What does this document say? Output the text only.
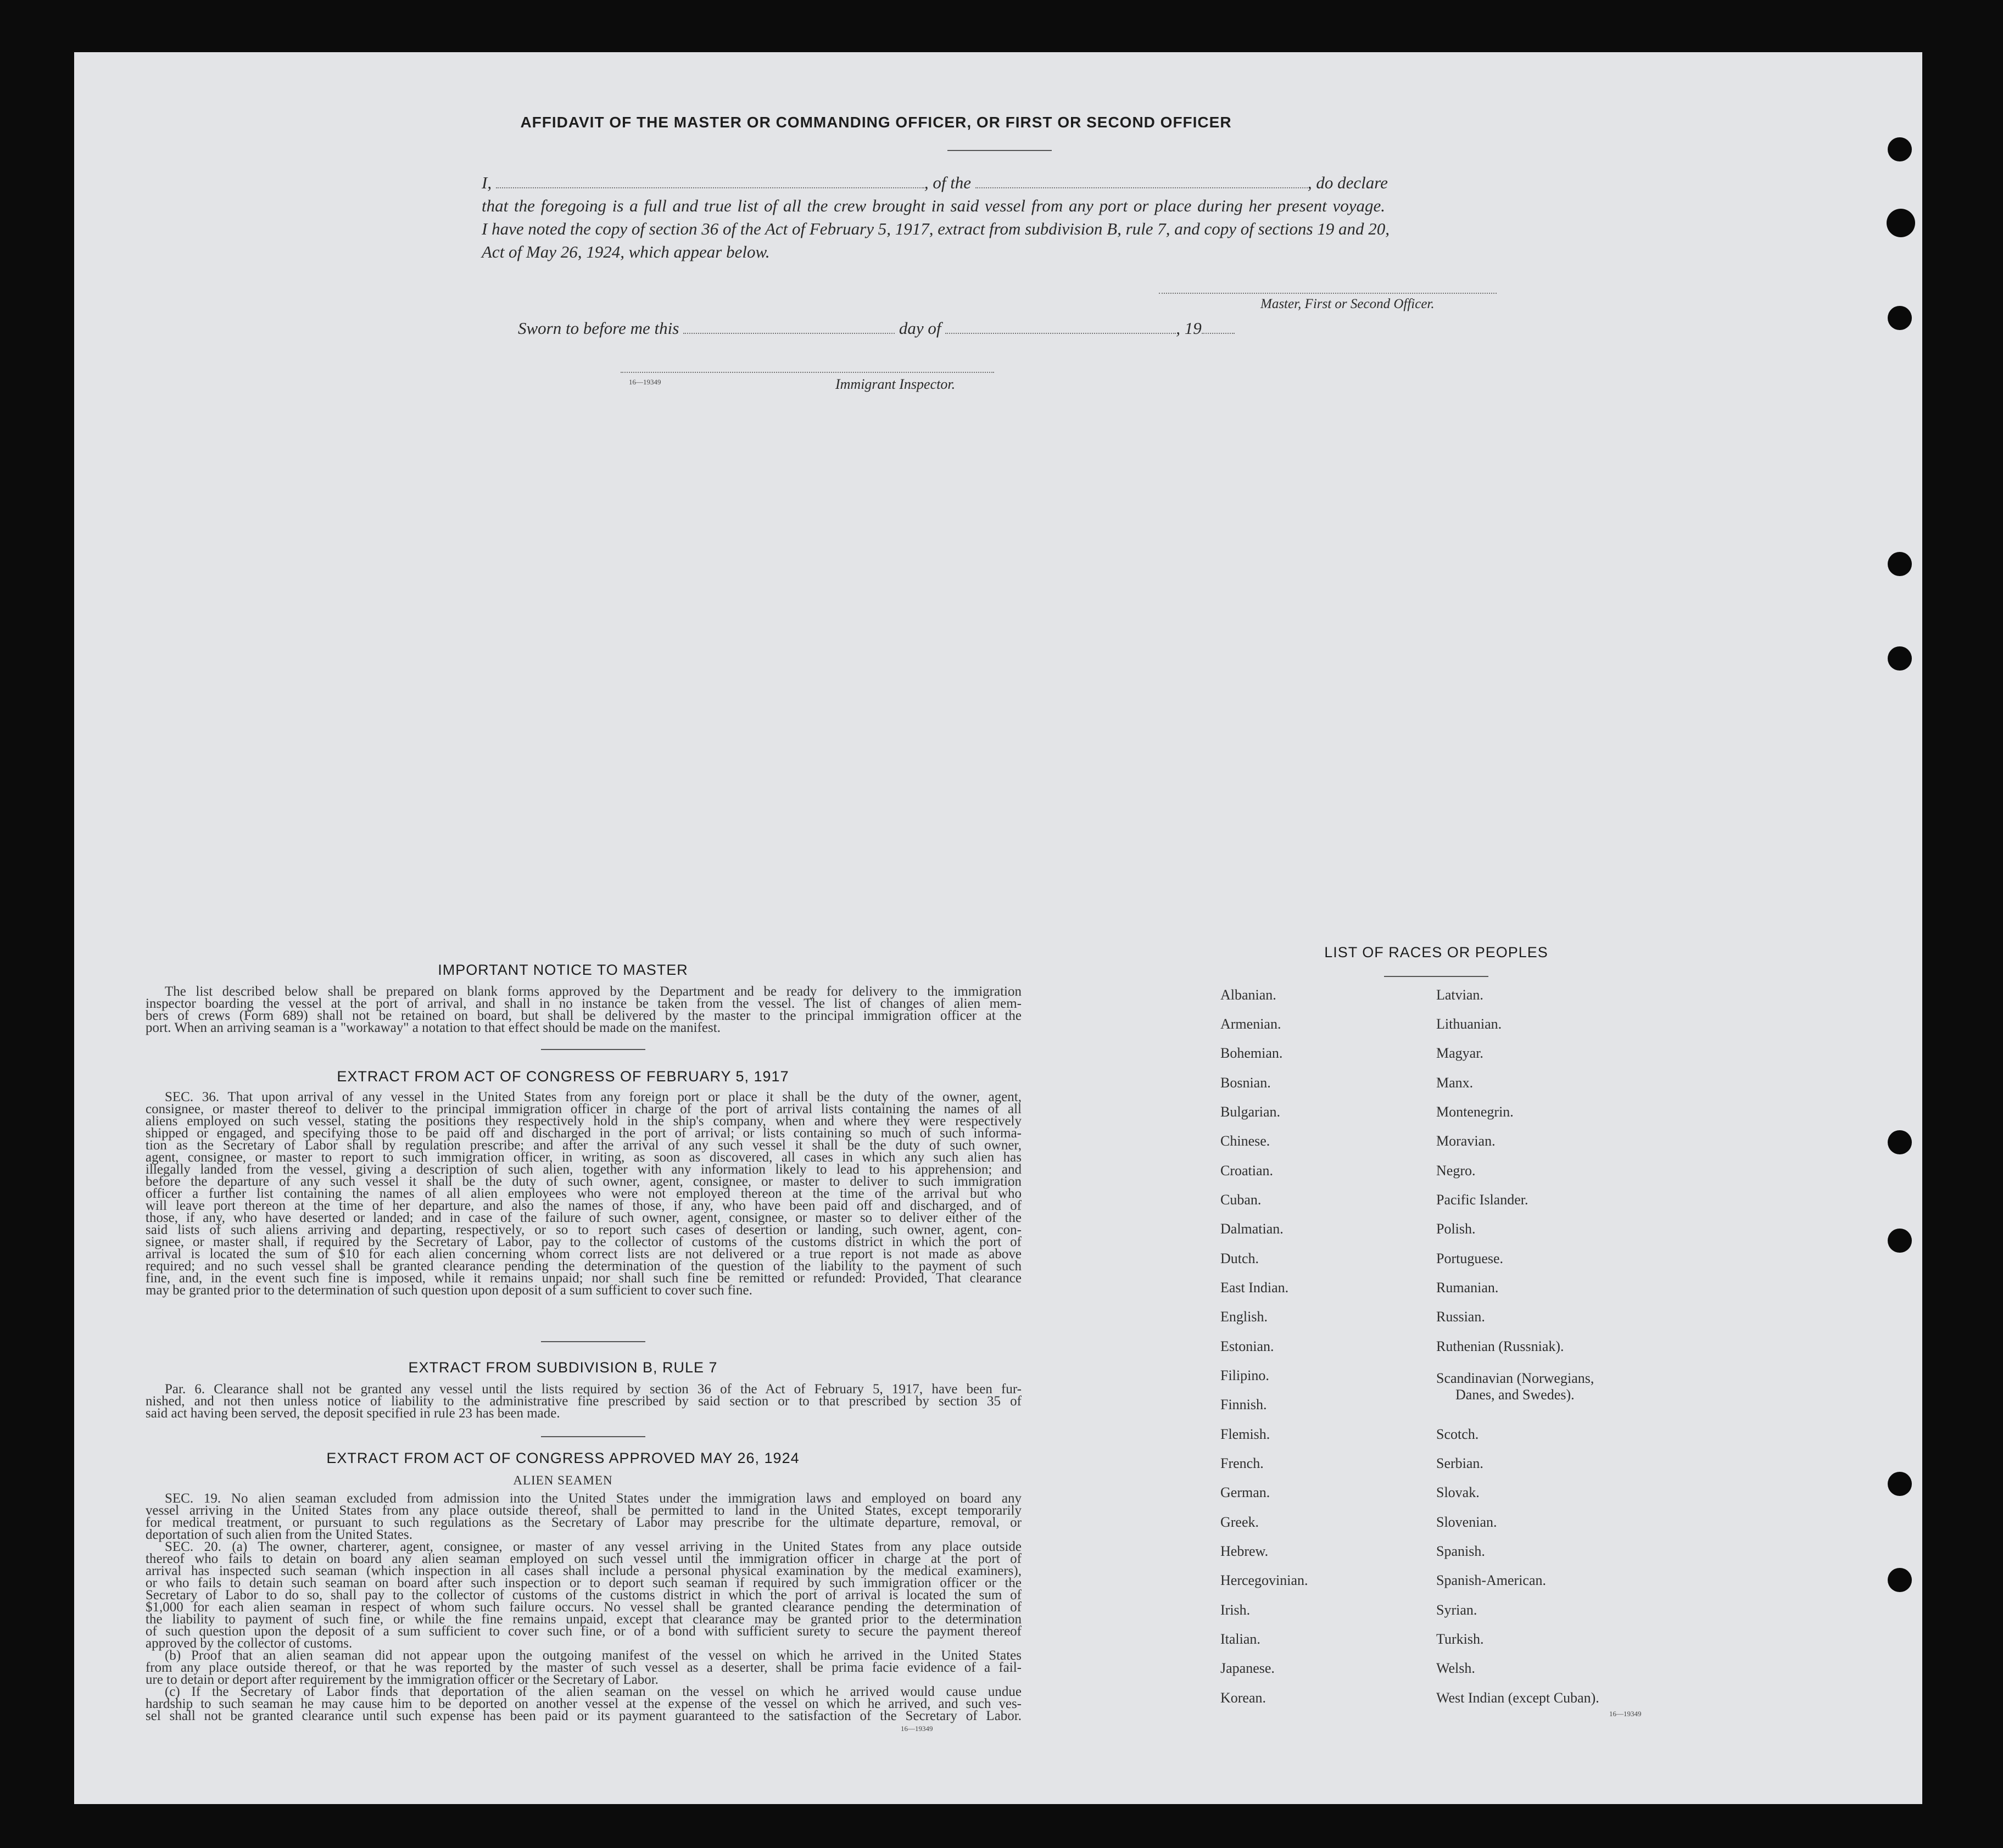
AFFIDAVIT OF THE MASTER OR COMMANDING OFFICER, OR FIRST OR SECOND OFFICER
I,	, of the	, do declare
that the foregoing is a full and true list of all the crew brought in said vessel from any port or place during her present voyage.
I have noted the copy of section 36 of the Act of February 5, 1917, extract from subdivision B, rule 7, and copy of sections 19 and 20,
Act of May 26, 1924, which appear below.
Master, First or Second Officer.
Sworn to before me this	day of	, 19
16—19349	Immigrant Inspector.
IMPORTANT NOTICE TO MASTER
The list described below shall be prepared on blank forms approved by the Department and be ready for delivery to the immigration
inspector boarding the vessel at the port of arrival, and shall in no instance be taken from the vessel. The list of changes of alien mem-
bers of crews (Form 689) shall not be retained on board, but shall be delivered by the master to the principal immigration officer at the
port. When an arriving seaman is a "workaway" a notation to that effect should be made on the manifest.
EXTRACT FROM ACT OF CONGRESS OF FEBRUARY 5, 1917
SEC. 36. That upon arrival of any vessel in the United States from any foreign port or place it shall be the duty of the owner, agent,
consignee, or master thereof to deliver to the principal immigration officer in charge of the port of arrival lists containing the names of all
aliens employed on such vessel, stating the positions they respectively hold in the ship's company, when and where they were respectively
shipped or engaged, and specifying those to be paid off and discharged in the port of arrival; or lists containing so much of such informa-
tion as the Secretary of Labor shall by regulation prescribe; and after the arrival of any such vessel it shall be the duty of such owner,
agent, consignee, or master to report to such immigration officer, in writing, as soon as discovered, all cases in which any such alien has
illegally landed from the vessel, giving a description of such alien, together with any information likely to lead to his apprehension; and
before the departure of any such vessel it shall be the duty of such owner, agent, consignee, or master to deliver to such immigration
officer a further list containing the names of all alien employees who were not employed thereon at the time of the arrival but who
will leave port thereon at the time of her departure, and also the names of those, if any, who have been paid off and discharged, and of
those, if any, who have deserted or landed; and in case of the failure of such owner, agent, consignee, or master so to deliver either of the
said lists of such aliens arriving and departing, respectively, or so to report such cases of desertion or landing, such owner, agent, con-
signee, or master shall, if required by the Secretary of Labor, pay to the collector of customs of the customs district in which the port of
arrival is located the sum of $10 for each alien concerning whom correct lists are not delivered or a true report is not made as above
required; and no such vessel shall be granted clearance pending the determination of the question of the liability to the payment of such
fine, and, in the event such fine is imposed, while it remains unpaid; nor shall such fine be remitted or refunded: Provided, That clearance
may be granted prior to the determination of such question upon deposit of a sum sufficient to cover such fine.
EXTRACT FROM SUBDIVISION B, RULE 7
Par. 6. Clearance shall not be granted any vessel until the lists required by section 36 of the Act of February 5, 1917, have been fur-
nished, and not then unless notice of liability to the administrative fine prescribed by said section or to that prescribed by section 35 of
said act having been served, the deposit specified in rule 23 has been made.
EXTRACT FROM ACT OF CONGRESS APPROVED MAY 26, 1924
ALIEN SEAMEN
SEC. 19. No alien seaman excluded from admission into the United States under the immigration laws and employed on board any
vessel arriving in the United States from any place outside thereof, shall be permitted to land in the United States, except temporarily
for medical treatment, or pursuant to such regulations as the Secretary of Labor may prescribe for the ultimate departure, removal, or
deportation of such alien from the United States.
SEC. 20. (a) The owner, charterer, agent, consignee, or master of any vessel arriving in the United States from any place outside
thereof who fails to detain on board any alien seaman employed on such vessel until the immigration officer in charge at the port of
arrival has inspected such seaman (which inspection in all cases shall include a personal physical examination by the medical examiners),
or who fails to detain such seaman on board after such inspection or to deport such seaman if required by such immigration officer or the
Secretary of Labor to do so, shall pay to the collector of customs of the customs district in which the port of arrival is located the sum of
$1,000 for each alien seaman in respect of whom such failure occurs. No vessel shall be granted clearance pending the determination of
the liability to payment of such fine, or while the fine remains unpaid, except that clearance may be granted prior to the determination
of such question upon the deposit of a sum sufficient to cover such fine, or of a bond with sufficient surety to secure the payment thereof
approved by the collector of customs.
(b) Proof that an alien seaman did not appear upon the outgoing manifest of the vessel on which he arrived in the United States
from any place outside thereof, or that he was reported by the master of such vessel as a deserter, shall be prima facie evidence of a fail-
ure to detain or deport after requirement by the immigration officer or the Secretary of Labor.
(c) If the Secretary of Labor finds that deportation of the alien seaman on the vessel on which he arrived would cause undue
hardship to such seaman he may cause him to be deported on another vessel at the expense of the vessel on which he arrived, and such ves-
sel shall not be granted clearance until such expense has been paid or its payment guaranteed to the satisfaction of the Secretary of Labor.
16—19349
LIST OF RACES OR PEOPLES
Albanian.
Armenian.
Bohemian.
Bosnian.
Bulgarian.
Chinese.
Croatian.
Cuban.
Dalmatian.
Dutch.
East Indian.
English.
Estonian.
Filipino.
Finnish.
Flemish.
French.
German.
Greek.
Hebrew.
Hercegovinian.
Irish.
Italian.
Japanese.
Korean.
Latvian.
Lithuanian.
Magyar.
Manx.
Montenegrin.
Moravian.
Negro.
Pacific Islander.
Polish.
Portuguese.
Rumanian.
Russian.
Ruthenian (Russniak).
Scandinavian (Norwegians,
Danes, and Swedes).
Scotch.
Serbian.
Slovak.
Slovenian.
Spanish.
Spanish-American.
Syrian.
Turkish.
Welsh.
West Indian (except Cuban).
16—19349
